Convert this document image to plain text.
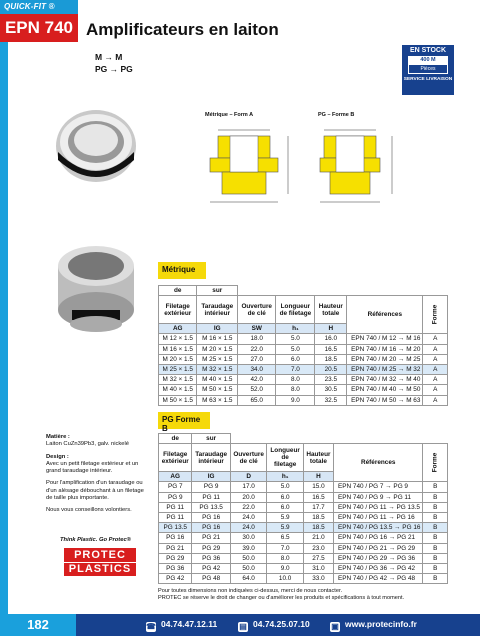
QUICK-FIT ®
EPN 740 Amplificateurs en laiton
M → M
PG → PG
EN STOCK
400 M
Pièces
SERVICE LIVRAISON
Métrique – Form A	PG – Forme B
Métrique
de	sur					
Filetage extérieur	Taraudage intérieur	Ouverture de clé	Longueur de filetage	Hauteur totale	Références	Forme
AG	IG	SW	h₁	H		
M 12 × 1.5	M 16 × 1.5	18.0	5.0	16.0	EPN 740 / M 12 → M 16	A
M 16 × 1.5	M 20 × 1.5	22.0	5.0	16.5	EPN 740 / M 16 → M 20	A
M 20 × 1.5	M 25 × 1.5	27.0	6.0	18.5	EPN 740 / M 20 → M 25	A
M 25 × 1.5	M 32 × 1.5	34.0	7.0	20.5	EPN 740 / M 25 → M 32	A
M 32 × 1.5	M 40 × 1.5	42.0	8.0	23.5	EPN 740 / M 32 → M 40	A
M 40 × 1.5	M 50 × 1.5	52.0	8.0	30.5	EPN 740 / M 40 → M 50	A
M 50 × 1.5	M 63 × 1.5	65.0	9.0	32.5	EPN 740 / M 50 → M 63	A
PG Forme B
de	sur					
Filetage extérieur	Taraudage intérieur	Ouverture de clé	Longueur de filetage	Hauteur totale	Références	Forme
AG	IG	D	h₁	H		
PG 7	PG 9	17.0	5.0	15.0	EPN 740 / PG 7 → PG 9	B
PG 9	PG 11	20.0	6.0	16.5	EPN 740 / PG 9 → PG 11	B
PG 11	PG 13.5	22.0	6.0	17.7	EPN 740 / PG 11 → PG 13.5	B
PG 11	PG 16	24.0	5.9	18.5	EPN 740 / PG 11 → PG 16	B
PG 13.5	PG 16	24.0	5.9	18.5	EPN 740 / PG 13.5 → PG 16	B
PG 16	PG 21	30.0	6.5	21.0	EPN 740 / PG 16 → PG 21	B
PG 21	PG 29	39.0	7.0	23.0	EPN 740 / PG 21 → PG 29	B
PG 29	PG 36	50.0	8.0	27.5	EPN 740 / PG 29 → PG 36	B
PG 36	PG 42	50.0	9.0	31.0	EPN 740 / PG 36 → PG 42	B
PG 42	PG 48	64.0	10.0	33.0	EPN 740 / PG 42 → PG 48	B

Matière :
Laiton CuZn39Pb3, galv. nickelé

Design :
Avec un petit filetage extérieur et un grand taraudage intérieur.

Pour l'amplification d'un taraudage ou d'un alésage débouchant à un filetage de taille plus importante.

Nous vous conseillons volontiers.

Think Plastic. Go Protec®
PROTEC
PLASTICS
Pour toutes dimensions non indiquées ci-dessus, merci de nous contacter.
PROTEC se réserve le droit de changer ou d'améliorer les produits et spécifications à tout moment.
182	☎ 04.74.47.12.11	▤ 04.74.25.07.10	▣ www.protecinfo.fr
